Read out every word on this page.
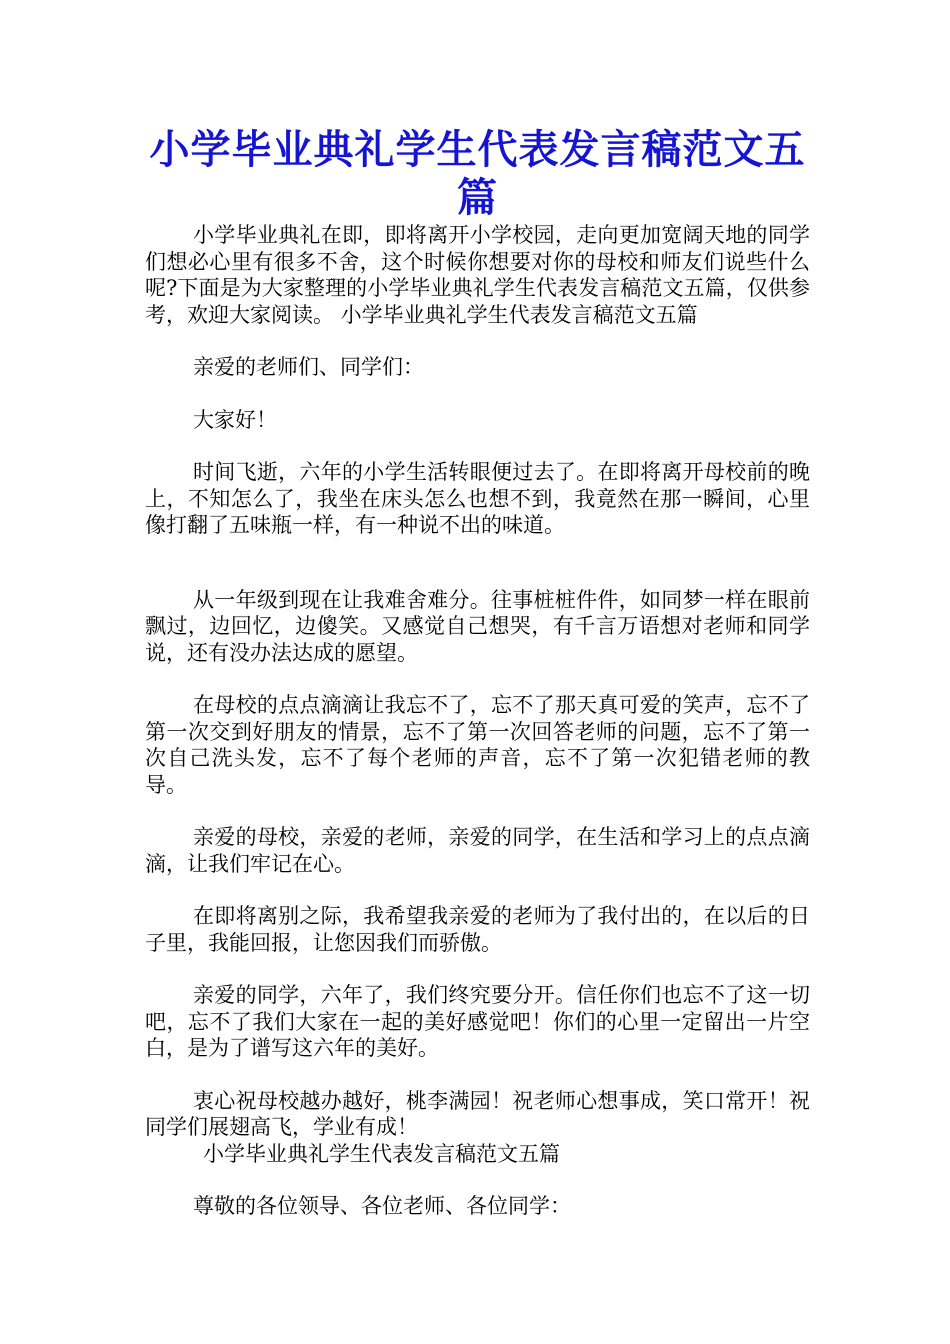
小学毕业典礼学生代表发言稿范文五篇

小学毕业典礼在即，即将离开小学校园，走向更加宽阔天地的同学们想必心里有很多不舍，这个时候你想要对你的母校和师友们说些什么呢?下面是为大家整理的小学毕业典礼学生代表发言稿范文五篇，仅供参考，欢迎大家阅读。 小学毕业典礼学生代表发言稿范文五篇

亲爱的老师们、同学们：

大家好！

时间飞逝，六年的小学生活转眼便过去了。在即将离开母校前的晚上，不知怎么了，我坐在床头怎么也想不到，我竟然在那一瞬间，心里像打翻了五味瓶一样，有一种说不出的味道。

从一年级到现在让我难舍难分。往事桩桩件件，如同梦一样在眼前飘过，边回忆，边傻笑。又感觉自己想哭，有千言万语想对老师和同学说，还有没办法达成的愿望。

在母校的点点滴滴让我忘不了，忘不了那天真可爱的笑声，忘不了第一次交到好朋友的情景，忘不了第一次回答老师的问题，忘不了第一次自己洗头发，忘不了每个老师的声音，忘不了第一次犯错老师的教导。

亲爱的母校，亲爱的老师，亲爱的同学，在生活和学习上的点点滴滴，让我们牢记在心。

在即将离别之际，我希望我亲爱的老师为了我付出的，在以后的日子里，我能回报，让您因我们而骄傲。

亲爱的同学，六年了，我们终究要分开。信任你们也忘不了这一切吧，忘不了我们大家在一起的美好感觉吧！你们的心里一定留出一片空白，是为了谱写这六年的美好。

衷心祝母校越办越好，桃李满园！祝老师心想事成，笑口常开！祝同学们展翅高飞，学业有成！

小学毕业典礼学生代表发言稿范文五篇

尊敬的各位领导、各位老师、各位同学：
